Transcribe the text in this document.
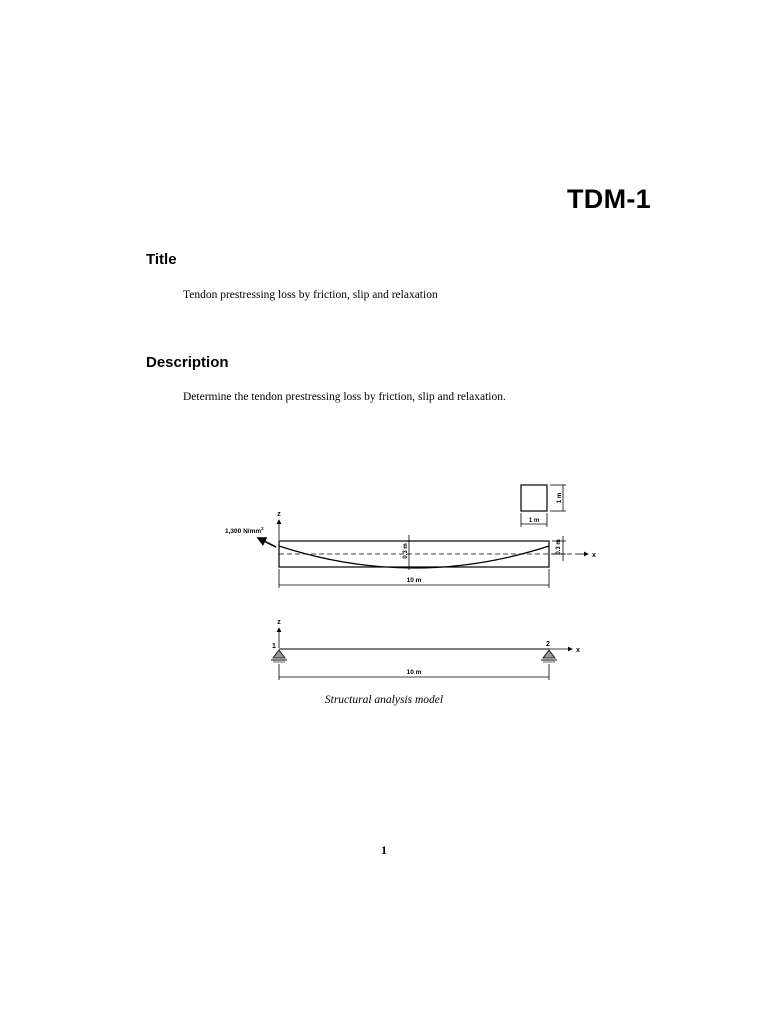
TDM-1
Title
Tendon prestressing loss by friction, slip and relaxation
Description
Determine the tendon prestressing loss by friction, slip and relaxation.
1 m
1 m
z
1,300 $N/mm^2$
x
0.3 m	0.3 m
10 m
z
x
1	2
10 m
Structural analysis model
1
